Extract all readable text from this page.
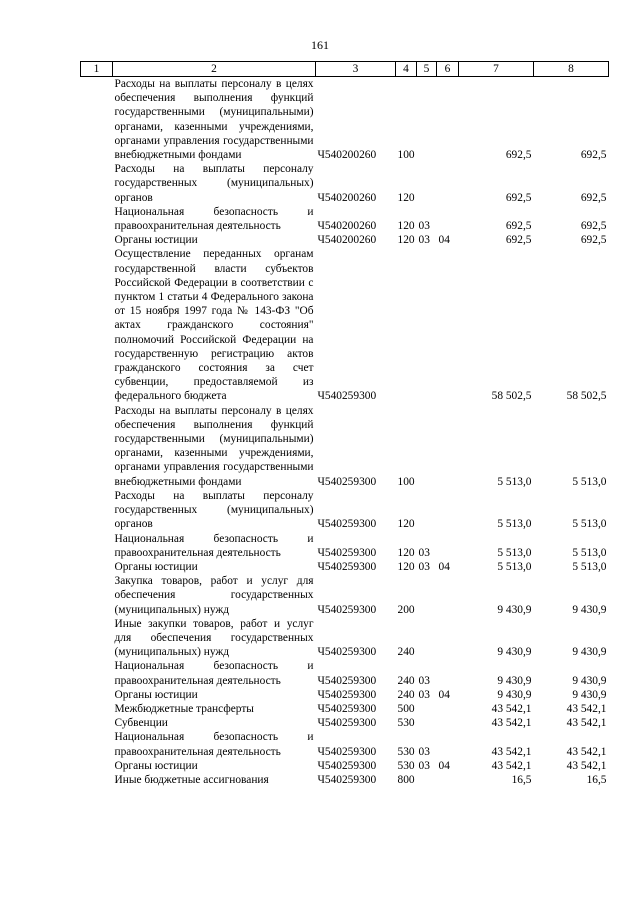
161
1	2	3	4	5	6	7	8
	Расходы на выплаты персоналу в целях обеспечения выполнения функций государственными (муниципальными) органами, казенными учреждениями, органами управления государственными внебюджетными фондами	Ч540200260	100			692,5	692,5
	Расходы на выплаты персоналу государственных (муниципальных) органов	Ч540200260	120			692,5	692,5
	Национальная безопасность и правоохранительная деятельность	Ч540200260	120	03		692,5	692,5
	Органы юстиции	Ч540200260	120	03	04	692,5	692,5
	Осуществление переданных органам государственной власти субъектов Российской Федерации в соответствии с пунктом 1 статьи 4 Федерального закона от 15 ноября 1997 года № 143-ФЗ "Об актах гражданского состояния" полномочий Российской Федерации на государственную регистрацию актов гражданского состояния за счет субвенции, предоставляемой из федерального бюджета	Ч540259300				58 502,5	58 502,5
	Расходы на выплаты персоналу в целях обеспечения выполнения функций государственными (муниципальными) органами, казенными учреждениями, органами управления государственными внебюджетными фондами	Ч540259300	100			5 513,0	5 513,0
	Расходы на выплаты персоналу государственных (муниципальных) органов	Ч540259300	120			5 513,0	5 513,0
	Национальная безопасность и правоохранительная деятельность	Ч540259300	120	03		5 513,0	5 513,0
	Органы юстиции	Ч540259300	120	03	04	5 513,0	5 513,0
	Закупка товаров, работ и услуг для обеспечения государственных (муниципальных) нужд	Ч540259300	200			9 430,9	9 430,9
	Иные закупки товаров, работ и услуг для обеспечения государственных (муниципальных) нужд	Ч540259300	240			9 430,9	9 430,9
	Национальная безопасность и правоохранительная деятельность	Ч540259300	240	03		9 430,9	9 430,9
	Органы юстиции	Ч540259300	240	03	04	9 430,9	9 430,9
	Межбюджетные трансферты	Ч540259300	500			43 542,1	43 542,1
	Субвенции	Ч540259300	530			43 542,1	43 542,1
	Национальная безопасность и правоохранительная деятельность	Ч540259300	530	03		43 542,1	43 542,1
	Органы юстиции	Ч540259300	530	03	04	43 542,1	43 542,1
	Иные бюджетные ассигнования	Ч540259300	800			16,5	16,5
